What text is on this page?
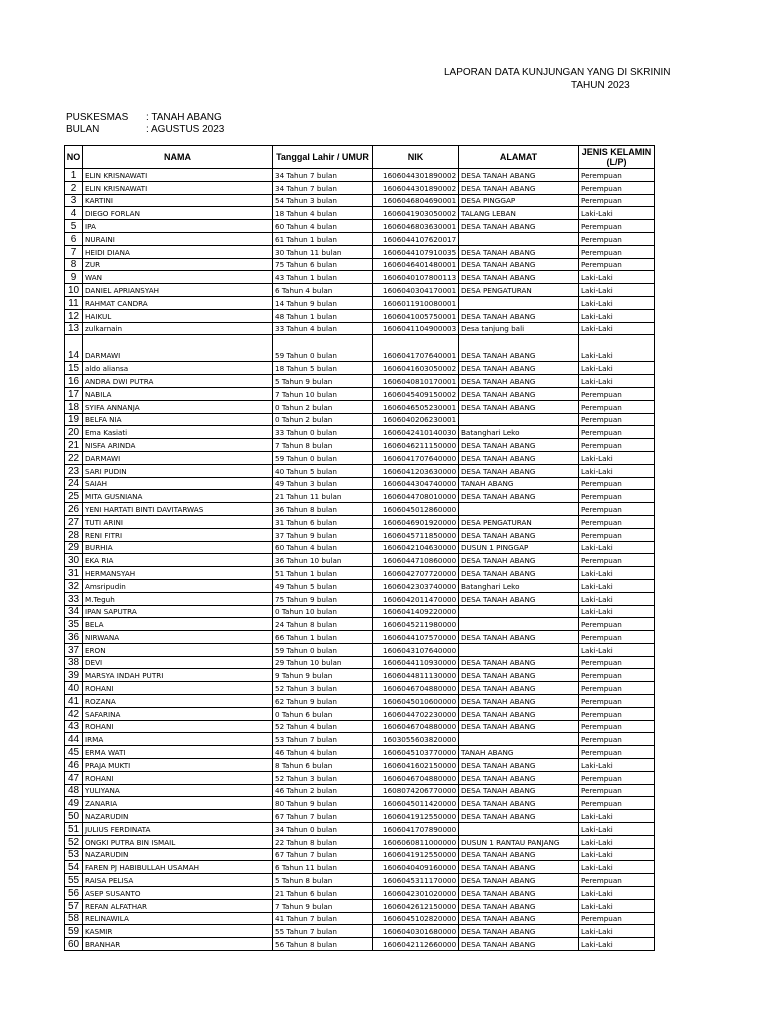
LAPORAN DATA KUNJUNGAN YANG DI SKRININ
TAHUN 2023
PUSKESMAS : TANAH ABANG
BULAN	: AGUSTUS 2023
NO	NAMA	Tanggal Lahir / UMUR	NIK	ALAMAT	JENIS KELAMIN (L/P)
1	ELIN KRISNAWATI	34 Tahun 7 bulan	1606044301890002	DESA TANAH ABANG	Perempuan
2	ELIN KRISNAWATI	34 Tahun 7 bulan	1606044301890002	DESA TANAH ABANG	Perempuan
3	KARTINI	54 Tahun 3 bulan	1606046804690001	DESA PINGGAP	Perempuan
4	DIEGO FORLAN	18 Tahun 4 bulan	1606041903050002	TALANG LEBAN	Laki-Laki
5	IPA	60 Tahun 4 bulan	1606046803630001	DESA TANAH ABANG	Perempuan
6	NURAINI	61 Tahun 1 bulan	1606044107620017		Perempuan
7	HEIDI DIANA	30 Tahun 11 bulan	1606044107910035	DESA TANAH ABANG	Perempuan
8	ZUR	75 Tahun 6 bulan	1606046401480001	DESA TANAH ABANG	Perempuan
9	WAN	43 Tahun 1 bulan	1606040107800113	DESA TANAH ABANG	Laki-Laki
10	DANIEL APRIANSYAH	6 Tahun 4 bulan	1606040304170001	DESA PENGATURAN	Laki-Laki
11	RAHMAT CANDRA	14 Tahun 9 bulan	1606011910080001		Laki-Laki
12	HAIKUL	48 Tahun 1 bulan	1606041005750001	DESA TANAH ABANG	Laki-Laki
13	zulkarnain	33 Tahun 4 bulan	1606041104900003	Desa tanjung bali	Laki-Laki
14	DARMAWI	59 Tahun 0 bulan	1606041707640001	DESA TANAH ABANG	Laki-Laki
15	aldo aliansa	18 Tahun 5 bulan	1606041603050002	DESA TANAH ABANG	Laki-Laki
16	ANDRA DWI PUTRA	5 Tahun 9 bulan	1606040810170001	DESA TANAH ABANG	Laki-Laki
17	NABILA	7 Tahun 10 bulan	1606045409150002	DESA TANAH ABANG	Perempuan
18	SYIFA ANNANJA	0 Tahun 2 bulan	1606046505230001	DESA TANAH ABANG	Perempuan
19	BELFA NIA	0 Tahun 2 bulan	1606040206230001		Perempuan
20	Ema Kasiati	33 Tahun 0 bulan	1606042410140030	Batanghari Leko	Perempuan
21	NISFA ARINDA	7 Tahun 8 bulan	1606046211150000	DESA TANAH ABANG	Perempuan
22	DARMAWI	59 Tahun 0 bulan	1606041707640000	DESA TANAH ABANG	Laki-Laki
23	SARI PUDIN	40 Tahun 5 bulan	1606041203630000	DESA TANAH ABANG	Laki-Laki
24	SAIAH	49 Tahun 3 bulan	1606044304740000	TANAH ABANG	Perempuan
25	MITA GUSNIANA	21 Tahun 11 bulan	1606044708010000	DESA TANAH ABANG	Perempuan
26	YENI HARTATI BINTI DAVITARWAS	36 Tahun 8 bulan	1606045012860000		Perempuan
27	TUTI ARINI	31 Tahun 6 bulan	1606046901920000	DESA PENGATURAN	Perempuan
28	RENI FITRI	37 Tahun 9 bulan	1606045711850000	DESA TANAH ABANG	Perempuan
29	BURHIA	60 Tahun 4 bulan	1606042104630000	DUSUN 1 PINGGAP	Laki-Laki
30	EKA RIA	36 Tahun 10 bulan	1606044710860000	DESA TANAH ABANG	Perempuan
31	HERMANSYAH	51 Tahun 1 bulan	1606042707720000	DESA TANAH ABANG	Laki-Laki
32	Amsripudin	49 Tahun 5 bulan	1606042303740000	Batanghari Leko	Laki-Laki
33	M.Teguh	75 Tahun 9 bulan	1606042011470000	DESA TANAH ABANG	Laki-Laki
34	IPAN SAPUTRA	0 Tahun 10 bulan	1606041409220000		Laki-Laki
35	BELA	24 Tahun 8 bulan	1606045211980000		Perempuan
36	NIRWANA	66 Tahun 1 bulan	1606044107570000	DESA TANAH ABANG	Perempuan
37	ERON	59 Tahun 0 bulan	1606043107640000		Laki-Laki
38	DEVI	29 Tahun 10 bulan	1606044110930000	DESA TANAH ABANG	Perempuan
39	MARSYA INDAH PUTRI	9 Tahun 9 bulan	1606044811130000	DESA TANAH ABANG	Perempuan
40	ROHANI	52 Tahun 3 bulan	1606046704880000	DESA TANAH ABANG	Perempuan
41	ROZANA	62 Tahun 9 bulan	1606045010600000	DESA TANAH ABANG	Perempuan
42	SAFARINA	0 Tahun 6 bulan	1606044702230000	DESA TANAH ABANG	Perempuan
43	ROHANI	52 Tahun 4 bulan	1606046704880000	DESA TANAH ABANG	Perempuan
44	IRMA	53 Tahun 7 bulan	1603055603820000		Perempuan
45	ERMA WATI	46 Tahun 4 bulan	1606045103770000	TANAH ABANG	Perempuan
46	PRAJA MUKTI	8 Tahun 6 bulan	1606041602150000	DESA TANAH ABANG	Laki-Laki
47	ROHANI	52 Tahun 3 bulan	1606046704880000	DESA TANAH ABANG	Perempuan
48	YULIYANA	46 Tahun 2 bulan	1608074206770000	DESA TANAH ABANG	Perempuan
49	ZANARIA	80 Tahun 9 bulan	1606045011420000	DESA TANAH ABANG	Perempuan
50	NAZARUDIN	67 Tahun 7 bulan	1606041912550000	DESA TANAH ABANG	Laki-Laki
51	JULIUS FERDINATA	34 Tahun 0 bulan	1606041707890000		Laki-Laki
52	ONGKI PUTRA BIN ISMAIL	22 Tahun 8 bulan	1606060811000000	DUSUN 1 RANTAU PANJANG	Laki-Laki
53	NAZARUDIN	67 Tahun 7 bulan	1606041912550000	DESA TANAH ABANG	Laki-Laki
54	FAREN PJ HABIBULLAH USAMAH	6 Tahun 11 bulan	1606040409160000	DESA TANAH ABANG	Laki-Laki
55	RAISA PELISA	5 Tahun 8 bulan	1606045311170000	DESA TANAH ABANG	Perempuan
56	ASEP SUSANTO	21 Tahun 6 bulan	1606042301020000	DESA TANAH ABANG	Laki-Laki
57	REFAN ALFATHAR	7 Tahun 9 bulan	1606042612150000	DESA TANAH ABANG	Laki-Laki
58	RELINAWILA	41 Tahun 7 bulan	1606045102820000	DESA TANAH ABANG	Perempuan
59	KASMIR	55 Tahun 7 bulan	1606040301680000	DESA TANAH ABANG	Laki-Laki
60	BRANHAR	56 Tahun 8 bulan	1606042112660000	DESA TANAH ABANG	Laki-Laki
